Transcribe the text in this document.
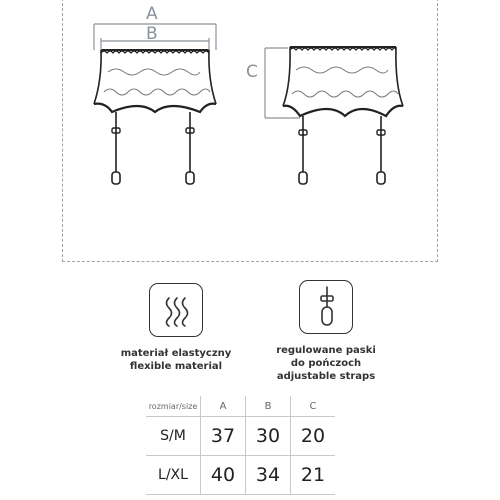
A
B
C
materiał elastyczny
flexible material
regulowane paski
do pończoch
adjustable straps
rozmiar/size	A	B	C
S/M	37	30	20
L/XL	40	34	21
